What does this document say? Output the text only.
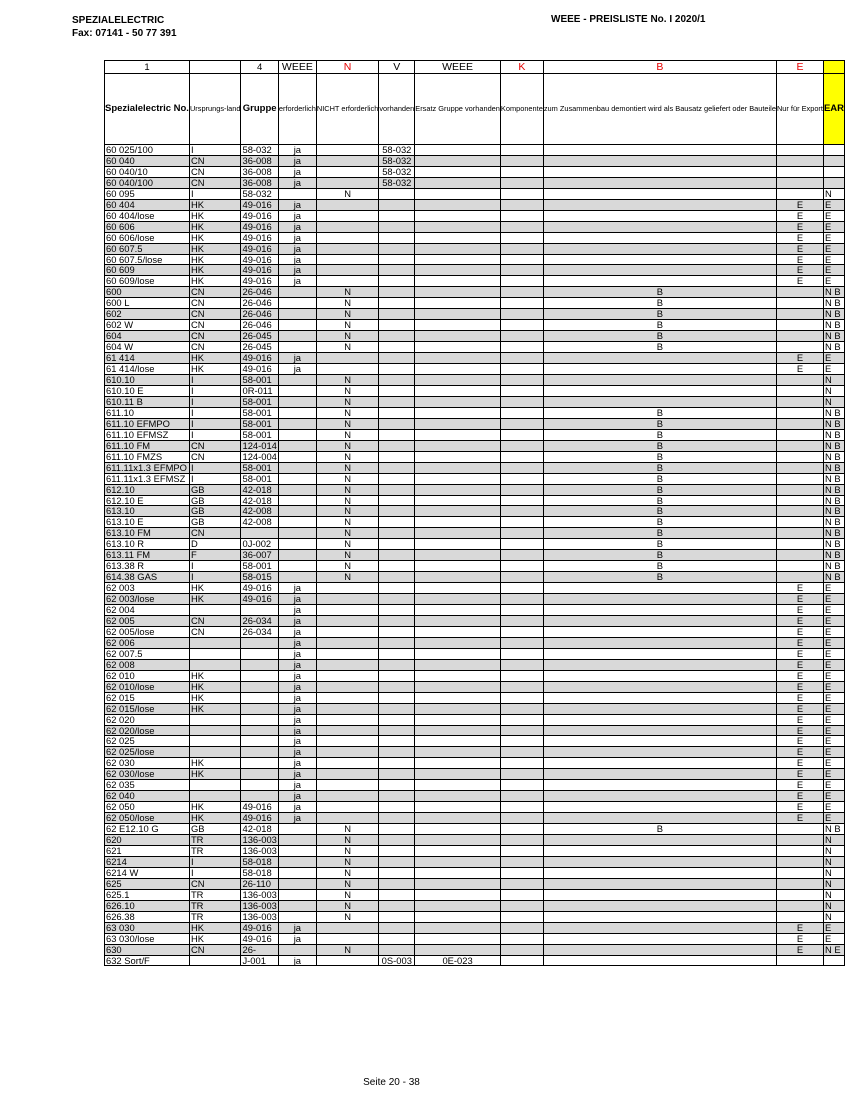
SPEZIALELECTRIC
Fax: 07141 - 50 77 391
WEEE - PREISLISTE No. I 2020/1
1		4	WEEE	N	V	WEEE	K	B	E	
Spezialelectric No.	Ursprungs-land	Gruppe	erforderlich	NICHT erforderlich	vorhanden	Ersatz Gruppe vorhanden	Komponente	zum Zusammenbau demontiert wird als Bausatz geliefert oder Bauteile	Nur für Export	EAR
60 025/100	I	58-032	ja		58-032					
60 040	CN	36-008	ja		58-032					
60 040/10	CN	36-008	ja		58-032					
60 040/100	CN	36-008	ja		58-032					
60 095	I	58-032		N						N
60 404	HK	49-016	ja						E	E
60 404/lose	HK	49-016	ja						E	E
60 606	HK	49-016	ja						E	E
60 606/lose	HK	49-016	ja						E	E
60 607.5	HK	49-016	ja						E	E
60 607.5/lose	HK	49-016	ja						E	E
60 609	HK	49-016	ja						E	E
60 609/lose	HK	49-016	ja						E	E
600	CN	26-046		N				B		N B
600 L	CN	26-046		N				B		N B
602	CN	26-046		N				B		N B
602 W	CN	26-046		N				B		N B
604	CN	26-045		N				B		N B
604 W	CN	26-045		N				B		N B
61 414	HK	49-016	ja						E	E
61 414/lose	HK	49-016	ja						E	E
610.10	I	58-001		N						N
610.10 E	I	0R-011		N						N
610.11 B	I	58-001		N						N
611.10	I	58-001		N				B		N B
611.10 EFMPO	I	58-001		N				B		N B
611.10 EFMSZ	I	58-001		N				B		N B
611.10 FM	CN	124-014		N				B		N B
611.10 FMZS	CN	124-004		N				B		N B
611.11x1.3 EFMPO	I	58-001		N				B		N B
611.11x1.3 EFMSZ	I	58-001		N				B		N B
612.10	GB	42-018		N				B		N B
612.10 E	GB	42-018		N				B		N B
613.10	GB	42-008		N				B		N B
613.10 E	GB	42-008		N				B		N B
613.10 FM	CN			N				B		N B
613.10 R	D	0J-002		N				B		N B
613.11 FM	F	36-007		N				B		N B
613.38 R	I	58-001		N				B		N B
614.38 GAS	I	58-015		N				B		N B
62 003	HK	49-016	ja						E	E
62 003/lose	HK	49-016	ja						E	E
62 004			ja						E	E
62 005	CN	26-034	ja						E	E
62 005/lose	CN	26-034	ja						E	E
62 006			ja						E	E
62 007.5			ja						E	E
62 008			ja						E	E
62 010	HK		ja						E	E
62 010/lose	HK		ja						E	E
62 015	HK		ja						E	E
62 015/lose	HK		ja						E	E
62 020			ja						E	E
62 020/lose			ja						E	E
62 025			ja						E	E
62 025/lose			ja						E	E
62 030	HK		ja						E	E
62 030/lose	HK		ja						E	E
62 035			ja						E	E
62 040			ja						E	E
62 050	HK	49-016	ja						E	E
62 050/lose	HK	49-016	ja						E	E
62 E12.10 G	GB	42-018		N				B		N B
620	TR	136-003		N						N
621	TR	136-003		N						N
6214	I	58-018		N						N
6214 W	I	58-018		N						N
625	CN	26-110		N						N
625.1	TR	136-003		N						N
626.10	TR	136-003		N						N
626.38	TR	136-003		N						N
63 030	HK	49-016	ja						E	E
63 030/lose	HK	49-016	ja						E	E
630	CN	26-		N					E	N E
632 Sort/F		J-001	ja		0S-003	0E-023				
Seite 20 - 38
